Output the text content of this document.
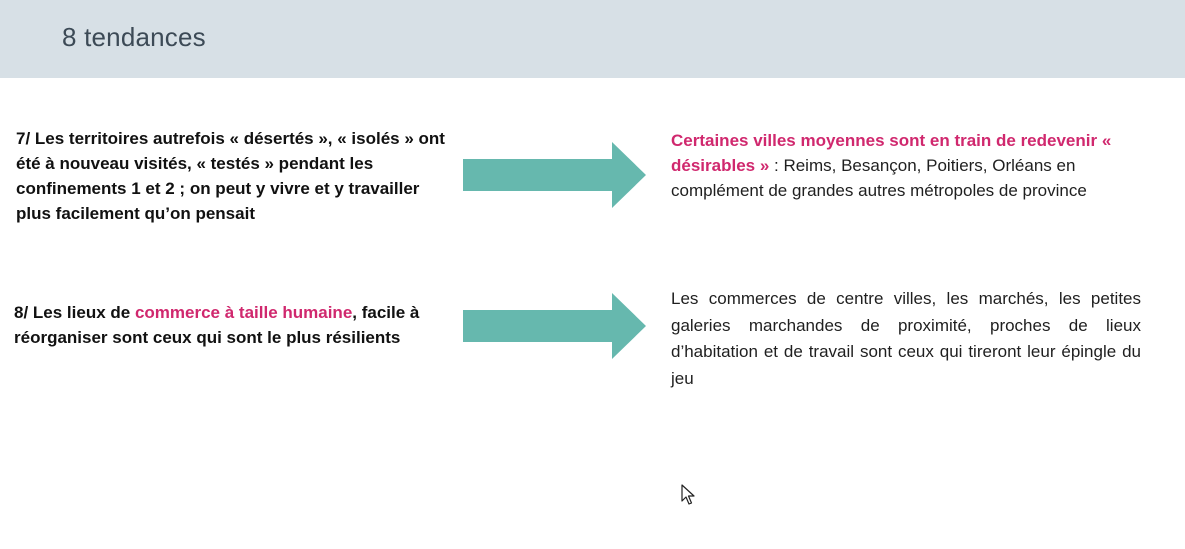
8 tendances
7/ Les territoires autrefois « désertés », « isolés » ont été à nouveau visités, « testés » pendant les confinements 1 et 2 ; on peut y vivre et y travailler plus facilement qu’on pensait
Certaines villes moyennes sont en train de redevenir « désirables » : Reims, Besançon, Poitiers, Orléans en complément de grandes autres métropoles de province
8/ Les lieux de commerce à taille humaine, facile à réorganiser sont ceux qui sont le plus résilients
Les commerces de centre villes, les marchés, les petites galeries marchandes de proximité, proches de lieux d’habitation et de travail sont ceux qui tireront leur épingle du jeu
